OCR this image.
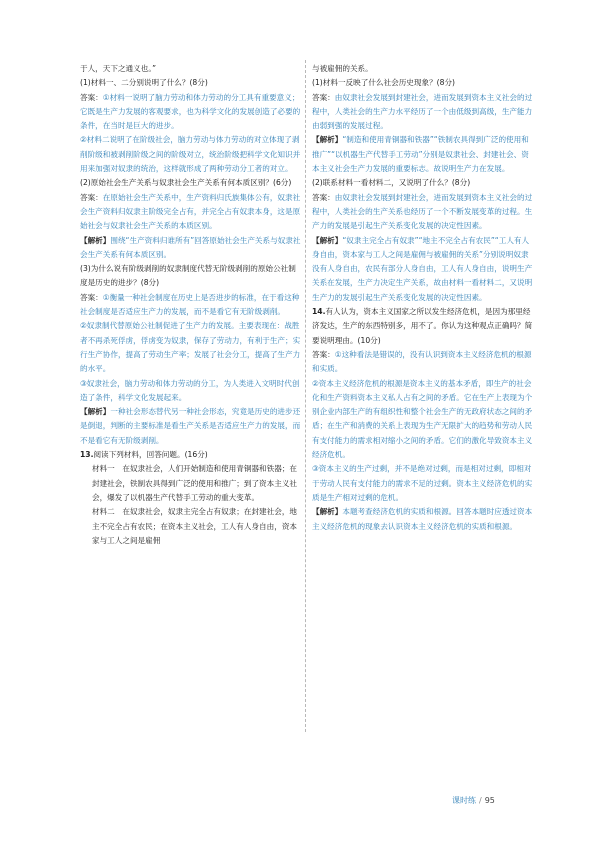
于人，天下之通义也。”

(1)材料一、二分别说明了什么？(8分)

答案：①材料一说明了脑力劳动和体力劳动的分工具有重要意义；它既是生产力发展的客观要求，也为科学文化的发展创造了必要的条件，在当时是巨大的进步。

②材料二说明了在阶级社会，脑力劳动与体力劳动的对立体现了剥削阶级和被剥削阶级之间的阶级对立，统治阶级把科学文化知识并用来加强对奴隶的统治，这样就形成了两种劳动分工者的对立。

(2)原始社会生产关系与奴隶社会生产关系有何本质区别？(6分)

答案：在原始社会生产关系中，生产资料归氏族集体公有，奴隶社会生产资料归奴隶主阶级完全占有，并完全占有奴隶本身，这是原始社会与奴隶社会生产关系的本质区别。

【解析】围绕“生产资料归谁所有”回答原始社会生产关系与奴隶社会生产关系有何本质区别。

(3)为什么说有阶级剥削的奴隶制度代替无阶级剥削的原始公社制度是历史的进步？(8分)

答案：①衡量一种社会制度在历史上是否进步的标准，在于看这种社会制度是否适应生产力的发展，而不是看它有无阶级剥削。

②奴隶制代替原始公社制促进了生产力的发展。主要表现在：战胜者不再杀死俘虏，俘虏变为奴隶，保存了劳动力，有利于生产；实行生产协作，提高了劳动生产率；发展了社会分工，提高了生产力的水平。

③奴隶社会，脑力劳动和体力劳动的分工，为人类进入文明时代创造了条件，科学文化发展起来。

【解析】一种社会形态替代另一种社会形态，究竟是历史的进步还是倒退，判断的主要标准是看生产关系是否适应生产力的发展，而不是看它有无阶级剥削。

13.阅读下列材料，回答问题。(16分)

材料一　在奴隶社会，人们开始制造和使用青铜器和铁器；在封建社会，铁制农具得到广泛的使用和推广；到了资本主义社会，爆发了以机器生产代替手工劳动的重大变革。

材料二　在奴隶社会，奴隶主完全占有奴隶；在封建社会，地主不完全占有农民；在资本主义社会，工人有人身自由，资本家与工人之间是雇佣

与被雇佣的关系。

(1)材料一反映了什么社会历史现象？(8分)

答案：由奴隶社会发展到封建社会，进而发展到资本主义社会的过程中，人类社会的生产力水平经历了一个由低级到高级，生产能力由弱到强的发展过程。

【解析】“制造和使用青铜器和铁器”“铁制农具得到广泛的使用和推广”“以机器生产代替手工劳动”分别是奴隶社会、封建社会、资本主义社会生产力发展的重要标志。故说明生产力在发展。

(2)联系材料一看材料二，又说明了什么？(8分)

答案：由奴隶社会发展到封建社会，进而发展到资本主义社会的过程中，人类社会的生产关系也经历了一个不断发展变革的过程。生产力的发展是引起生产关系变化发展的决定性因素。

【解析】“奴隶主完全占有奴隶”“地主不完全占有农民”“工人有人身自由，资本家与工人之间是雇佣与被雇佣的关系”分别说明奴隶没有人身自由，农民有部分人身自由，工人有人身自由，说明生产关系在发展，生产力决定生产关系，故由材料一看材料二，又说明生产力的发展引起生产关系变化发展的决定性因素。

14.有人认为，资本主义国家之所以发生经济危机，是因为那里经济发达，生产的东西特别多，用不了。你认为这种观点正确吗？简要说明理由。(10分)

答案：①这种看法是错误的，没有认识到资本主义经济危机的根源和实质。

②资本主义经济危机的根源是资本主义的基本矛盾，即生产的社会化和生产资料资本主义私人占有之间的矛盾。它在生产上表现为个别企业内部生产的有组织性和整个社会生产的无政府状态之间的矛盾；在生产和消费的关系上表现为生产无限扩大的趋势和劳动人民有支付能力的需求相对缩小之间的矛盾。它们的激化导致资本主义经济危机。

③资本主义的生产过剩，并不是绝对过剩，而是相对过剩，即相对于劳动人民有支付能力的需求不足的过剩。资本主义经济危机的实质是生产相对过剩的危机。

【解析】本题考查经济危机的实质和根源。回答本题时应透过资本主义经济危机的现象去认识资本主义经济危机的实质和根源。

课时练 / 95
